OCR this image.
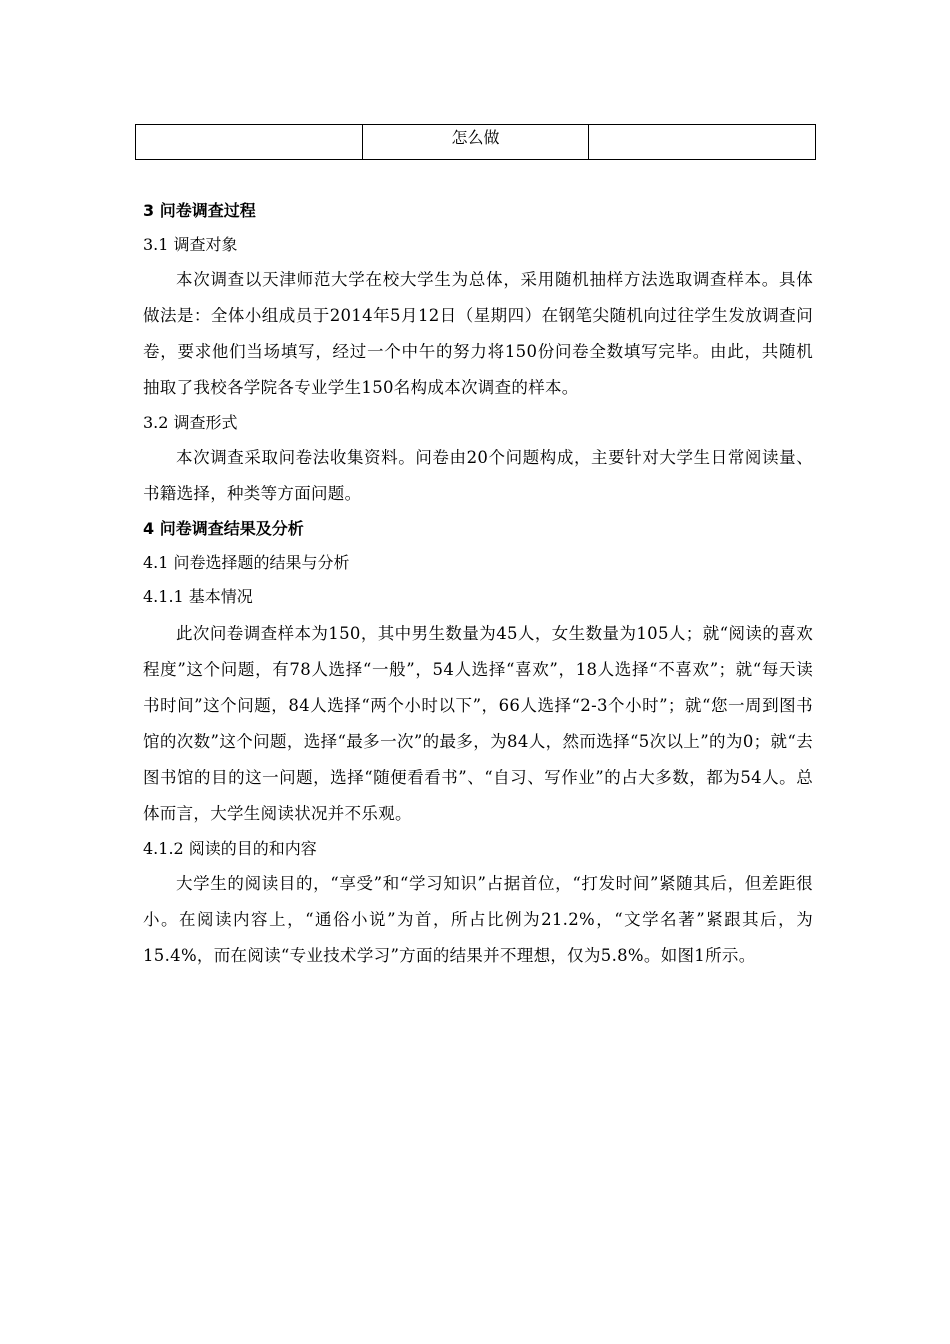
	怎么做	
3 问卷调查过程
3.1 调查对象

本次调查以天津师范大学在校大学生为总体，采用随机抽样方法选取调查样本。具体做法是：全体小组成员于2014年5月12日（星期四）在钢笔尖随机向过往学生发放调查问卷，要求他们当场填写，经过一个中午的努力将150份问卷全数填写完毕。由此，共随机抽取了我校各学院各专业学生150名构成本次调查的样本。

3.2 调查形式

本次调查采取问卷法收集资料。问卷由20个问题构成，主要针对大学生日常阅读量、书籍选择，种类等方面问题。

4 问卷调查结果及分析
4.1 问卷选择题的结果与分析
4.1.1 基本情况

此次问卷调查样本为150，其中男生数量为45人，女生数量为105人；就“阅读的喜欢程度”这个问题，有78人选择“一般”，54人选择“喜欢”，18人选择“不喜欢”；就“每天读书时间”这个问题，84人选择“两个小时以下”，66人选择“2-3个小时”；就“您一周到图书馆的次数”这个问题，选择“最多一次”的最多，为84人，然而选择“5次以上”的为0；就“去图书馆的目的这一问题，选择“随便看看书”、“自习、写作业”的占大多数，都为54人。总体而言，大学生阅读状况并不乐观。

4.1.2 阅读的目的和内容

大学生的阅读目的，“享受”和“学习知识”占据首位，“打发时间”紧随其后，但差距很小。在阅读内容上，“通俗小说”为首，所占比例为21.2%，“文学名著”紧跟其后，为15.4%，而在阅读“专业技术学习”方面的结果并不理想，仅为5.8%。如图1所示。
